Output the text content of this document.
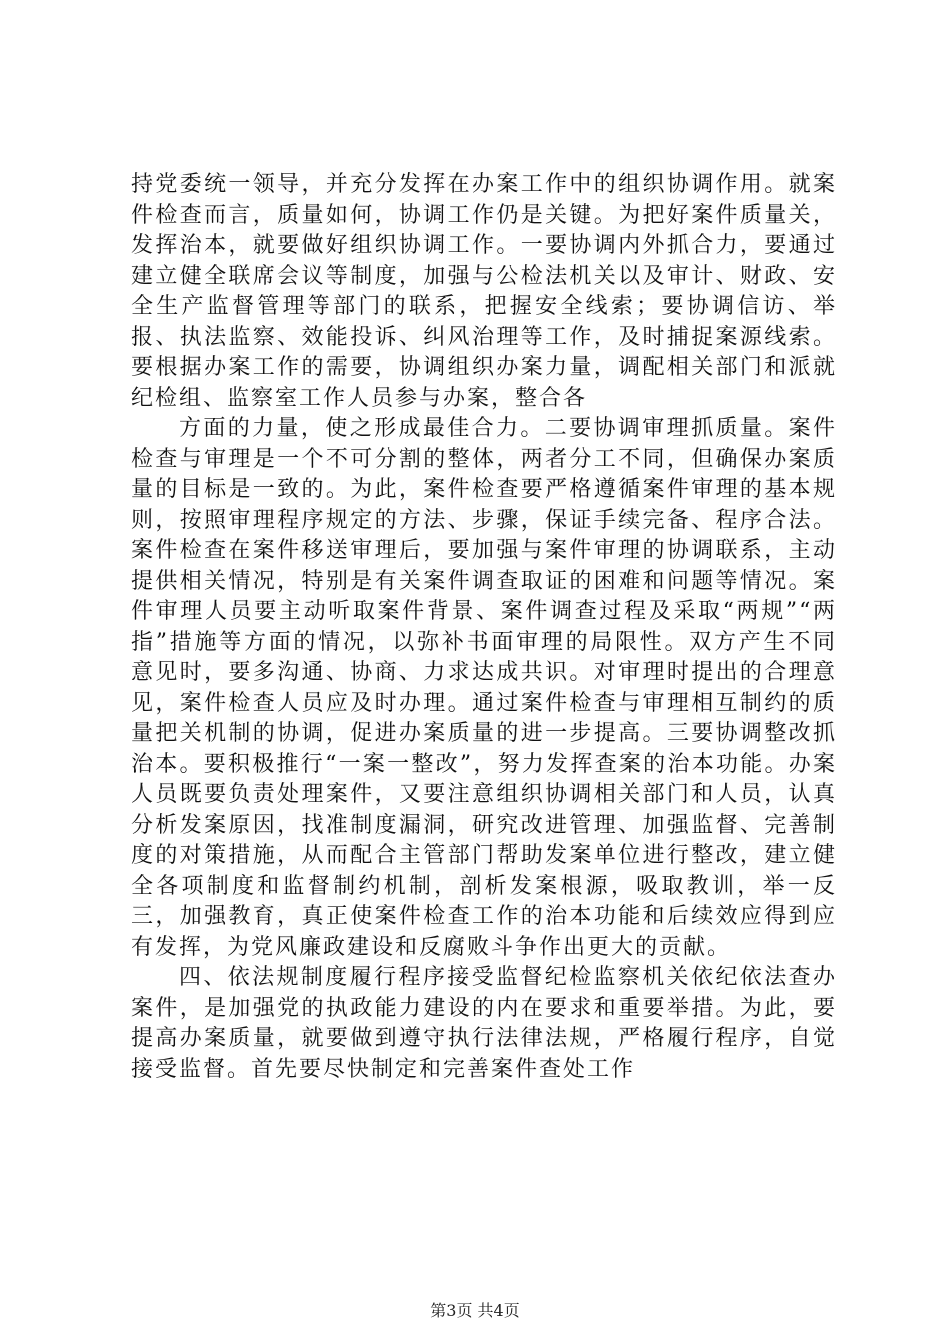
持党委统一领导，并充分发挥在办案工作中的组织协调作用。就案件检查而言，质量如何，协调工作仍是关键。为把好案件质量关，发挥治本，就要做好组织协调工作。一要协调内外抓合力，要通过建立健全联席会议等制度，加强与公检法机关以及审计、财政、安全生产监督管理等部门的联系，把握安全线索；要协调信访、举报、执法监察、效能投诉、纠风治理等工作，及时捕捉案源线索。要根据办案工作的需要，协调组织办案力量，调配相关部门和派就纪检组、监察室工作人员参与办案，整合各

方面的力量，使之形成最佳合力。二要协调审理抓质量。案件检查与审理是一个不可分割的整体，两者分工不同，但确保办案质量的目标是一致的。为此，案件检查要严格遵循案件审理的基本规则，按照审理程序规定的方法、步骤，保证手续完备、程序合法。案件检查在案件移送审理后，要加强与案件审理的协调联系，主动提供相关情况，特别是有关案件调查取证的困难和问题等情况。案件审理人员要主动听取案件背景、案件调查过程及采取“两规”“两指”措施等方面的情况，以弥补书面审理的局限性。双方产生不同意见时，要多沟通、协商、力求达成共识。对审理时提出的合理意见，案件检查人员应及时办理。通过案件检查与审理相互制约的质量把关机制的协调，促进办案质量的进一步提高。三要协调整改抓治本。要积极推行“一案一整改”，努力发挥查案的治本功能。办案人员既要负责处理案件，又要注意组织协调相关部门和人员，认真分析发案原因，找准制度漏洞，研究改进管理、加强监督、完善制度的对策措施，从而配合主管部门帮助发案单位进行整改，建立健全各项制度和监督制约机制，剖析发案根源，吸取教训，举一反三，加强教育，真正使案件检查工作的治本功能和后续效应得到应有发挥，为党风廉政建设和反腐败斗争作出更大的贡献。

四、依法规制度履行程序接受监督纪检监察机关依纪依法查办案件，是加强党的执政能力建设的内在要求和重要举措。为此，要提高办案质量，就要做到遵守执行法律法规，严格履行程序，自觉接受监督。首先要尽快制定和完善案件查处工作

第3页 共4页
